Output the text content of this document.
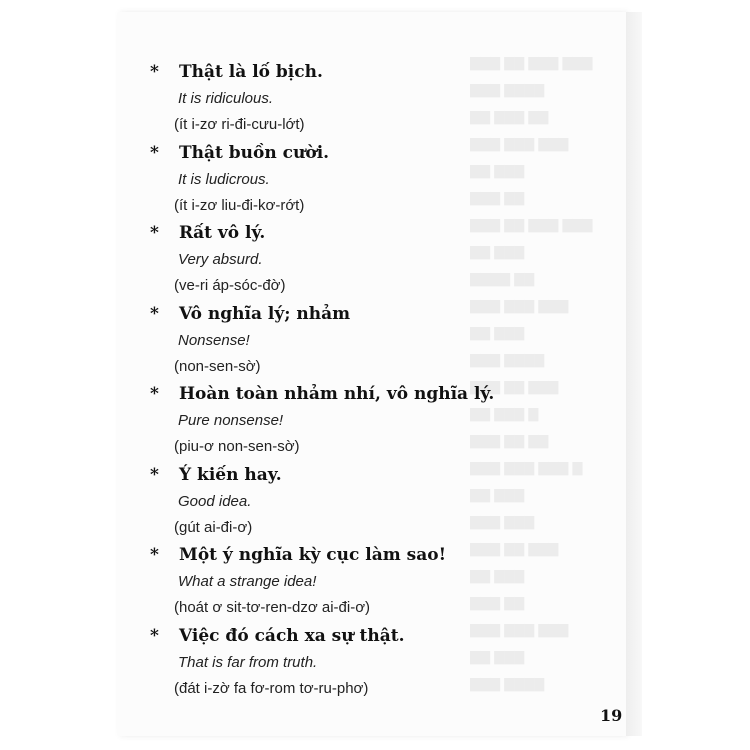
▇▇▇ ▇▇ ▇▇▇ ▇▇▇
▇▇▇ ▇▇▇▇
▇▇ ▇▇▇ ▇▇
▇▇▇ ▇▇▇ ▇▇▇
▇▇ ▇▇▇
▇▇▇ ▇▇
▇▇▇ ▇▇ ▇▇▇ ▇▇▇
▇▇ ▇▇▇
▇▇▇▇ ▇▇
▇▇▇ ▇▇▇ ▇▇▇
▇▇ ▇▇▇
▇▇▇ ▇▇▇▇
▇▇▇ ▇▇ ▇▇▇
▇▇ ▇▇▇ ▇
▇▇▇ ▇▇ ▇▇
▇▇▇ ▇▇▇ ▇▇▇ ▇
▇▇ ▇▇▇
▇▇▇ ▇▇▇
▇▇▇ ▇▇ ▇▇▇
▇▇ ▇▇▇
▇▇▇ ▇▇
▇▇▇ ▇▇▇ ▇▇▇
▇▇ ▇▇▇
▇▇▇ ▇▇▇▇
* Thật là lố bịch.
It is ridiculous.
(ít i-zơ ri-đi-cưu-lớt)
* Thật buồn cười.
It is ludicrous.
(ít i-zơ liu-đi-kơ-rớt)
* Rất vô lý.
Very absurd.
(ve-ri áp-sóc-đờ)
* Vô nghĩa lý; nhảm
Nonsense!
(non-sen-sờ)
* Hoàn toàn nhảm nhí, vô nghĩa lý.
Pure nonsense!
(piu-ơ non-sen-sờ)
* Ý kiến hay.
Good idea.
(gút ai-đi-ơ)
* Một ý nghĩa kỳ cục làm sao!
What a strange idea!
(hoát ơ sit-tơ-ren-dzơ ai-đi-ơ)
* Việc đó cách xa sự thật.
That is far from truth.
(đát i-zờ fa fơ-rom tơ-ru-phơ)
19
